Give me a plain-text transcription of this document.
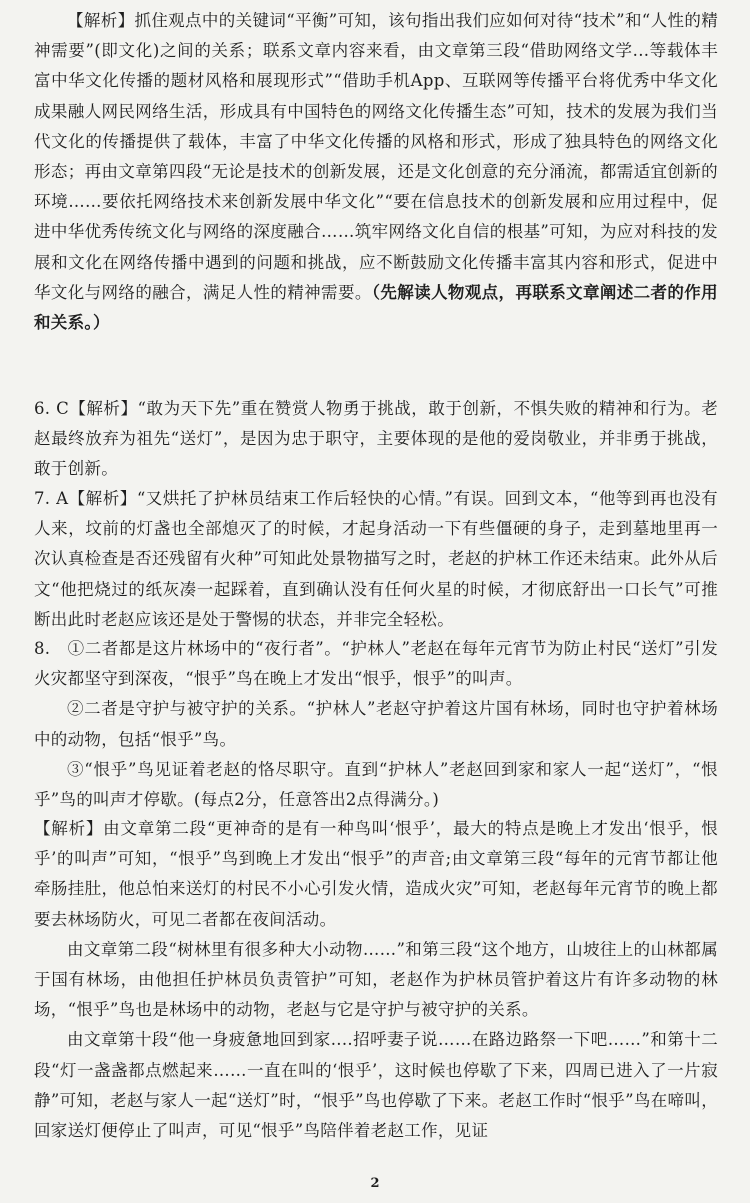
【解析】抓住观点中的关键词“平衡”可知，该句指出我们应如何对待“技术”和“人性的精神需要”(即文化)之间的关系；联系文章内容来看，由文章第三段“借助网络文学...等载体丰富中华文化传播的题材风格和展现形式”“借助手机App、互联网等传播平台将优秀中华文化成果融人网民网络生活，形成具有中国特色的网络文化传播生态”可知，技术的发展为我们当代文化的传播提供了载体，丰富了中华文化传播的风格和形式，形成了独具特色的网络文化形态；再由文章第四段“无论是技术的创新发展，还是文化创意的充分涌流，都需适宜创新的环境……要依托网络技术来创新发展中华文化”“要在信息技术的创新发展和应用过程中，促进中华优秀传统文化与网络的深度融合……筑牢网络文化自信的根基”可知，为应对科技的发展和文化在网络传播中遇到的问题和挑战，应不断鼓励文化传播丰富其内容和形式，促进中华文化与网络的融合，满足人性的精神需要。（先解读人物观点，再联系文章阐述二者的作用和关系。）

6. C【解析】“敢为天下先”重在赞赏人物勇于挑战，敢于创新，不惧失败的精神和行为。老赵最终放弃为祖先“送灯”，是因为忠于职守，主要体现的是他的爱岗敬业，并非勇于挑战，敢于创新。

7. A【解析】“又烘托了护林员结束工作后轻快的心情。”有误。回到文本，“他等到再也没有人来，坟前的灯盏也全部熄灭了的时候，才起身活动一下有些僵硬的身子，走到墓地里再一次认真检查是否还残留有火种”可知此处景物描写之时，老赵的护林工作还未结束。此外从后文“他把烧过的纸灰凑一起踩着，直到确认没有任何火星的时候，才彻底舒出一口长气”可推断出此时老赵应该还是处于警惕的状态，并非完全轻松。

8.　①二者都是这片林场中的“夜行者”。“护林人”老赵在每年元宵节为防止村民“送灯”引发火灾都坚守到深夜，“恨乎”鸟在晚上才发出“恨乎，恨乎”的叫声。

②二者是守护与被守护的关系。“护林人”老赵守护着这片国有林场，同时也守护着林场中的动物，包括“恨乎”鸟。

③“恨乎”鸟见证着老赵的恪尽职守。直到“护林人”老赵回到家和家人一起“送灯”，“恨乎”鸟的叫声才停歇。(每点2分，任意答出2点得满分。)

【解析】由文章第二段“更神奇的是有一种鸟叫‘恨乎’，最大的特点是晚上才发出‘恨乎，恨乎’的叫声”可知，“恨乎”鸟到晚上才发出“恨乎”的声音;由文章第三段“每年的元宵节都让他牵肠挂肚，他总怕来送灯的村民不小心引发火情，造成火灾”可知，老赵每年元宵节的晚上都要去林场防火，可见二者都在夜间活动。

由文章第二段“树林里有很多种大小动物……”和第三段“这个地方，山坡往上的山林都属于国有林场，由他担任护林员负责管护”可知，老赵作为护林员管护着这片有许多动物的林场，“恨乎”鸟也是林场中的动物，老赵与它是守护与被守护的关系。

由文章第十段“他一身疲惫地回到家....招呼妻子说……在路边路祭一下吧……”和第十二段“灯一盏盏都点燃起来……一直在叫的‘恨乎’，这时候也停歇了下来，四周已进入了一片寂静”可知，老赵与家人一起“送灯”时，“恨乎”鸟也停歇了下来。老赵工作时“恨乎”鸟在啼叫，回家送灯便停止了叫声，可见“恨乎”鸟陪伴着老赵工作，见证

2
